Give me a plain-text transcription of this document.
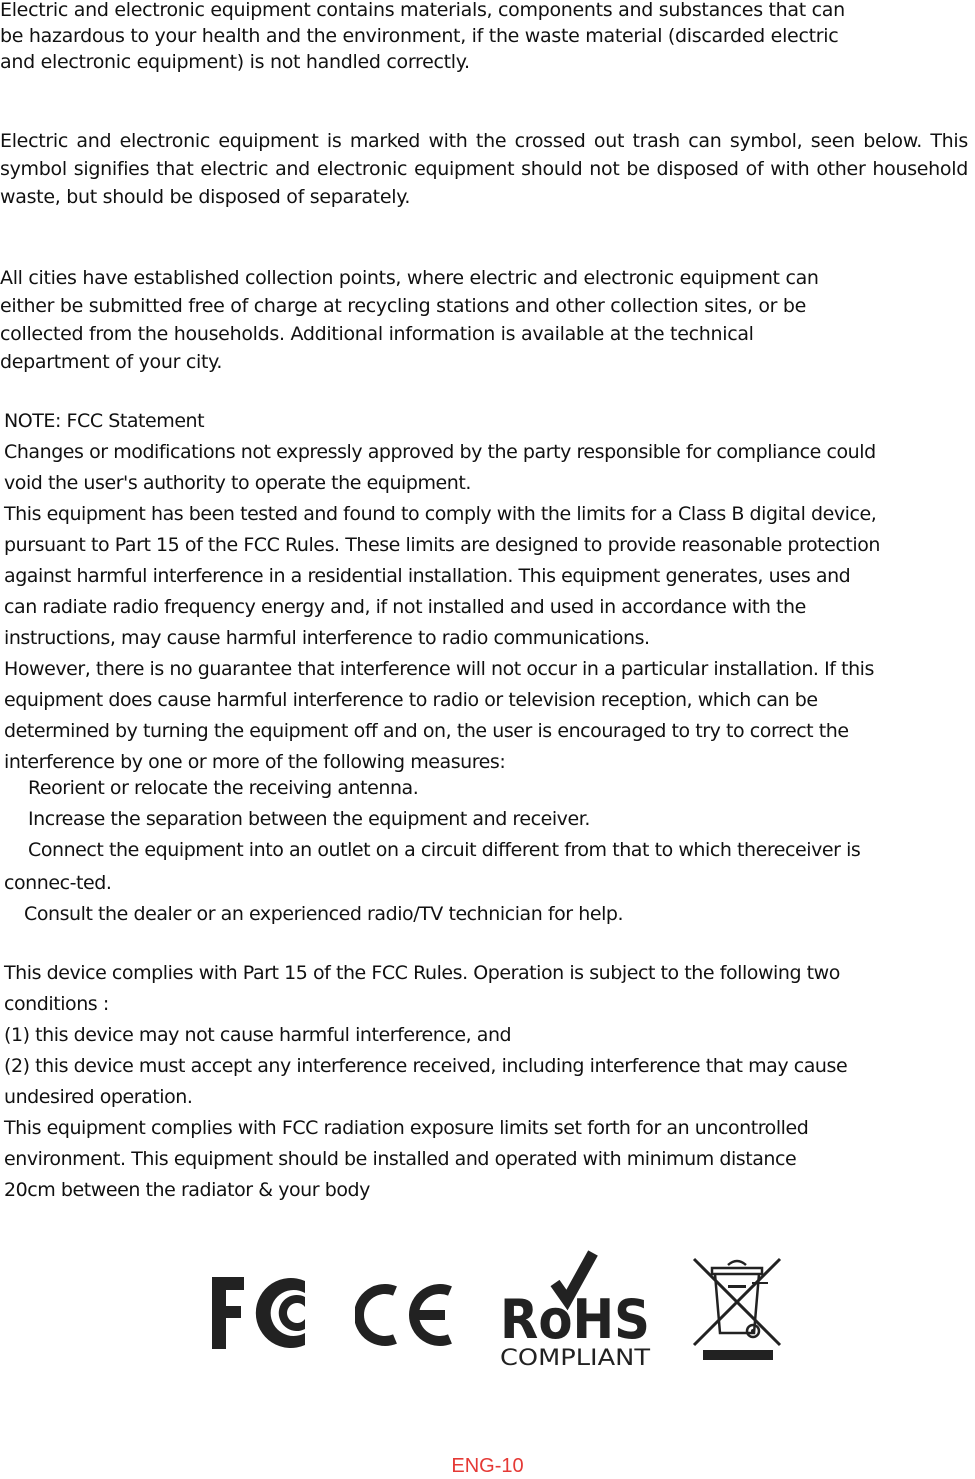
Electric and electronic equipment contains materials, components and substances that can
be hazardous to your health and the environment, if the waste material (discarded electric
and electronic equipment) is not handled correctly.

Electric and electronic equipment is marked with the crossed out trash can symbol, seen below. This symbol signifies that electric and electronic equipment should not be disposed of with other household waste, but should be disposed of separately.

All cities have established collection points, where electric and electronic equipment can
either be submitted free of charge at recycling stations and other collection sites, or be
collected from the households. Additional information is available at the technical
department of your city.
NOTE: FCC Statement
Changes or modifications not expressly approved by the party responsible for compliance could
void the user's authority to operate the equipment.
This equipment has been tested and found to comply with the limits for a Class B digital device,
pursuant to Part 15 of the FCC Rules. These limits are designed to provide reasonable protection
against harmful interference in a residential installation. This equipment generates, uses and
can radiate radio frequency energy and, if not installed and used in accordance with the
instructions, may cause harmful interference to radio communications.
However, there is no guarantee that interference will not occur in a particular installation. If this
equipment does cause harmful interference to radio or television reception, which can be
determined by turning the equipment off and on, the user is encouraged to try to correct the
interference by one or more of the following measures:
Reorient or relocate the receiving antenna.
Increase the separation between the equipment and receiver.
Connect the equipment into an outlet on a circuit different from that to which thereceiver is
connec-ted.
Consult the dealer or an experienced radio/TV technician for help.
This device complies with Part 15 of the FCC Rules. Operation is subject to the following two
conditions :
(1) this device may not cause harmful interference, and
(2) this device must accept any interference received, including interference that may cause
undesired operation.
This equipment complies with FCC radiation exposure limits set forth for an uncontrolled
environment. This equipment should be installed and operated with minimum distance
20cm between the radiator & your body
RoHS
COMPLIANT
ENG-10
